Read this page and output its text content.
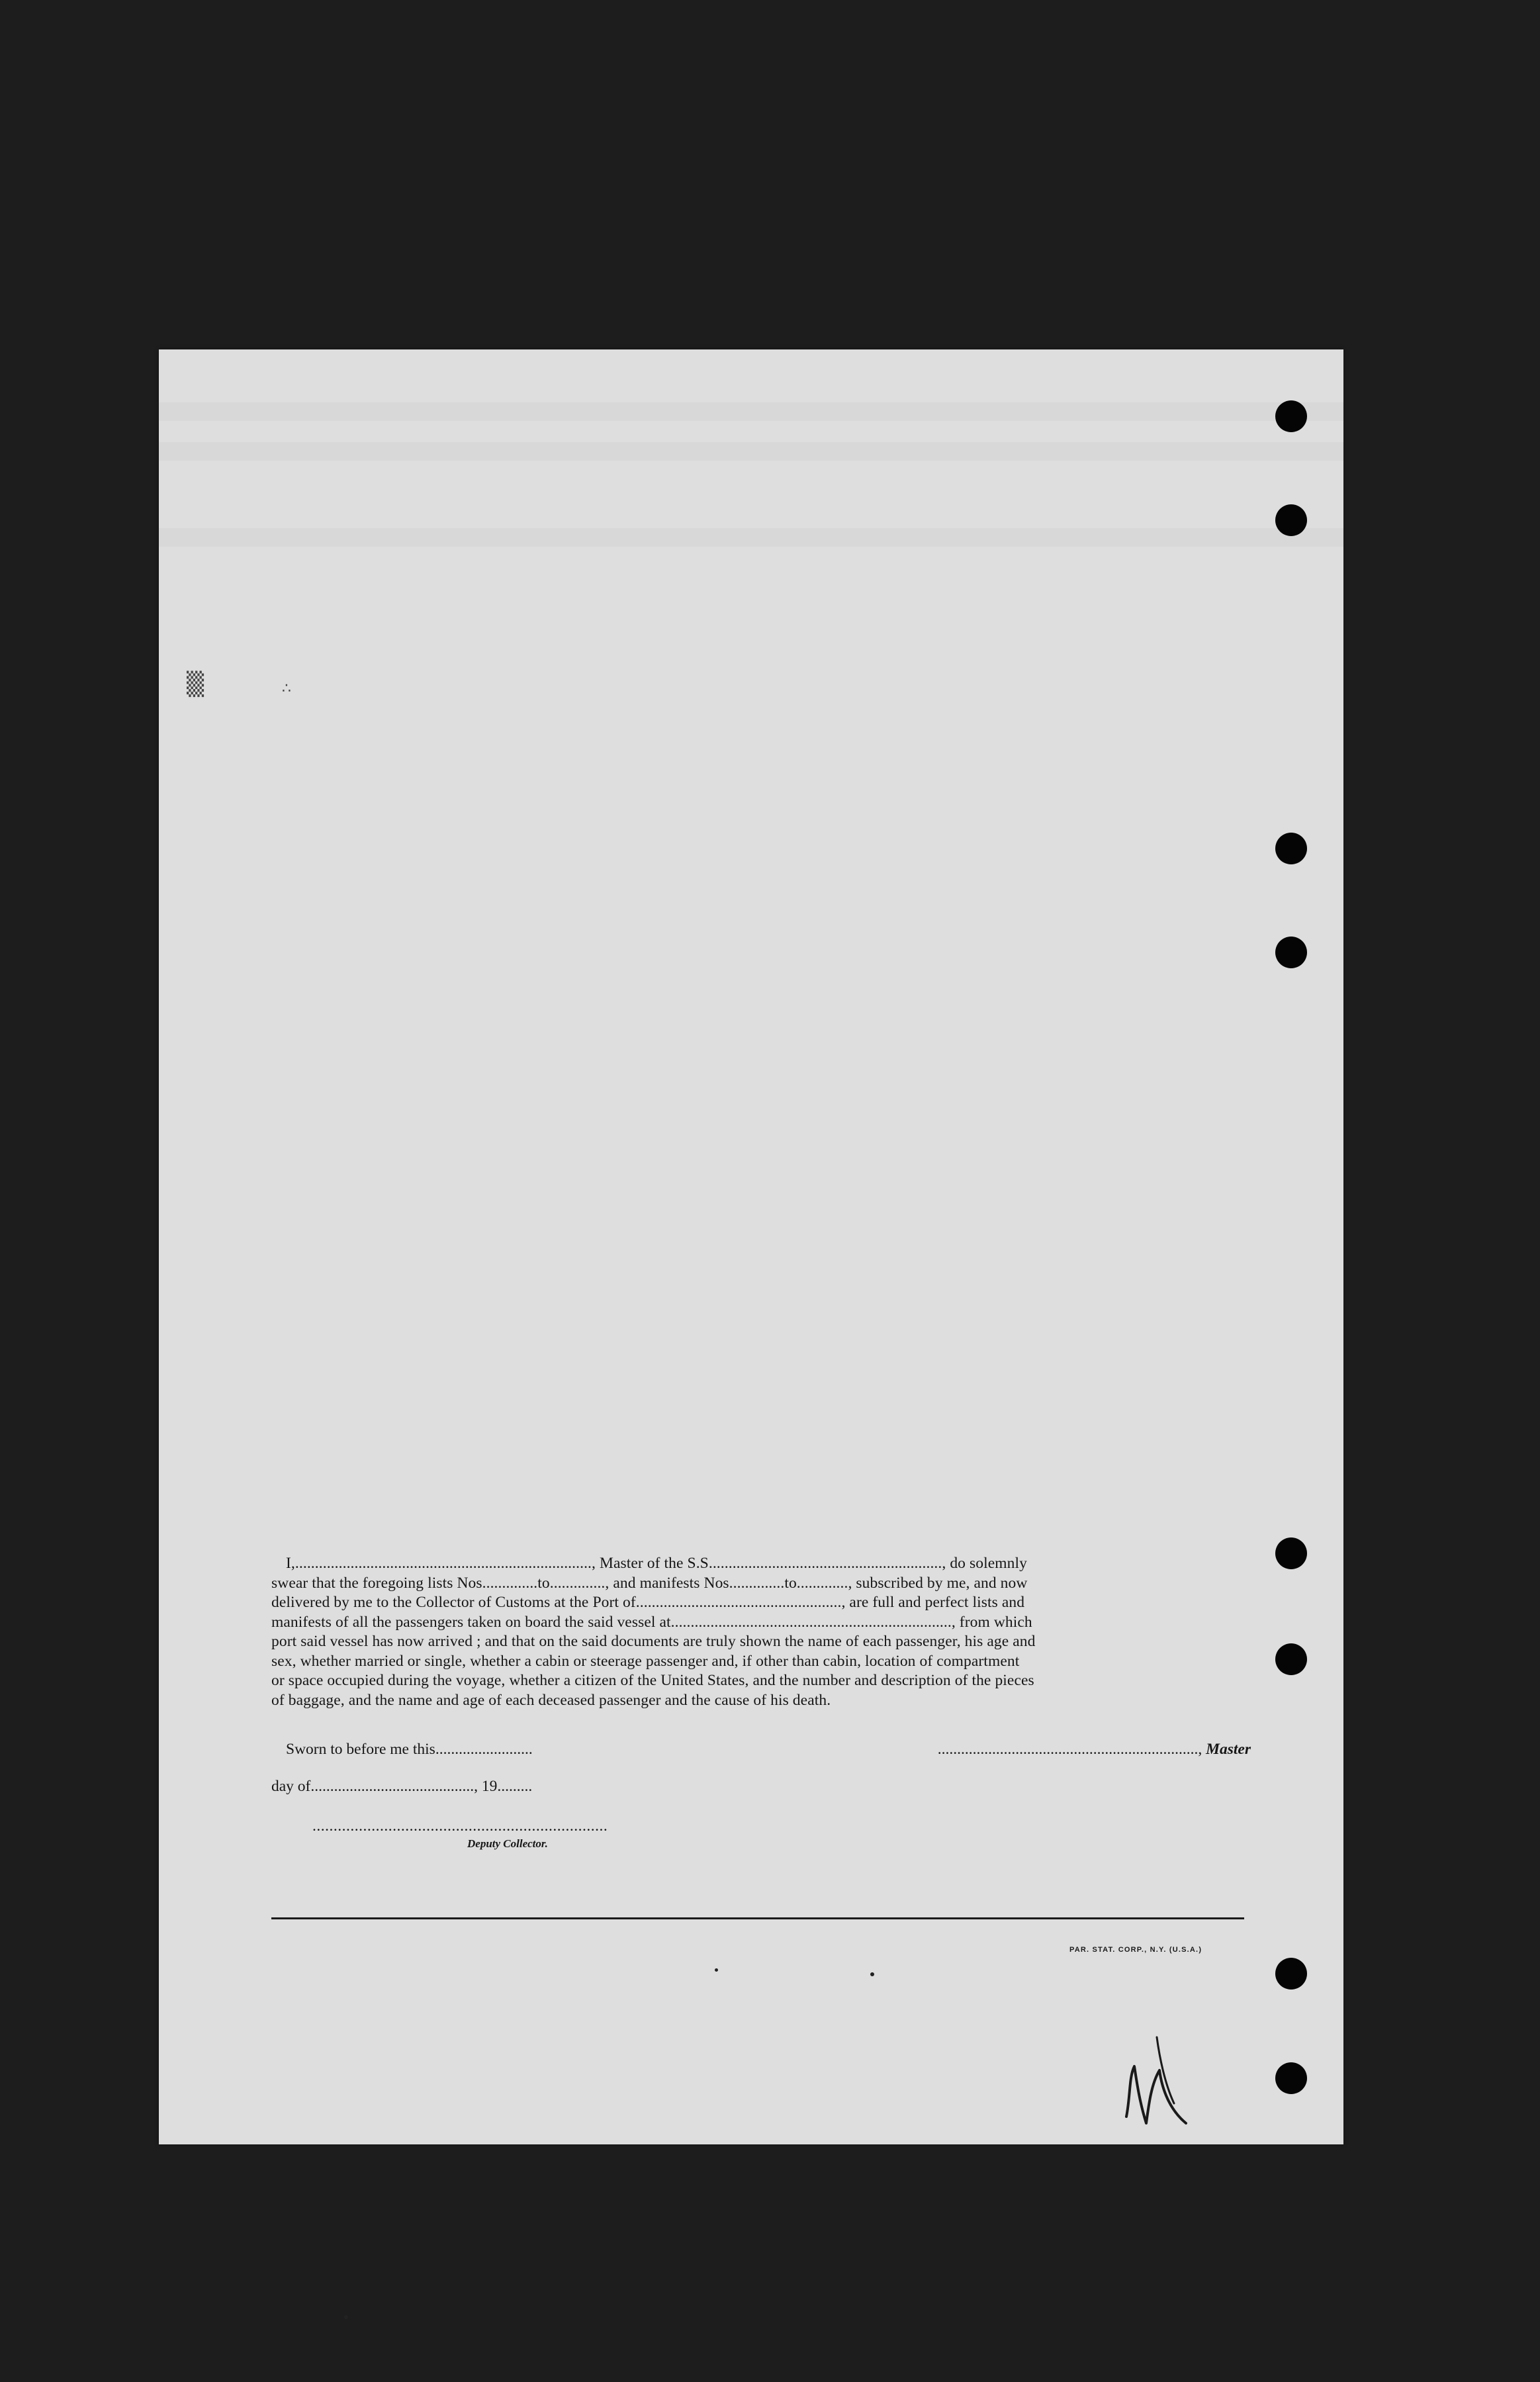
▒	∴
I,..........................................................................., Master of the S.S..........................................................., do solemnly
swear that the foregoing lists Nos..............to.............., and manifests Nos..............to............., subscribed by me, and now
delivered by me to the Collector of Customs at the Port of...................................................., are full and perfect lists and
manifests of all the passengers taken on board the said vessel at......................................................................., from which
port said vessel has now arrived ; and that on the said documents are truly shown the name of each passenger, his age and
sex, whether married or single, whether a cabin or steerage passenger and, if other than cabin, location of compartment
or space occupied during the voyage, whether a citizen of the United States, and the number and description of the pieces
of baggage, and the name and age of each deceased passenger and the cause of his death.
Sworn to before me this.........................	..................................................................., Master
day of.........................................., 19.........
......................................................................
Deputy Collector.
PAR. STAT. CORP., N.Y. (U.S.A.)
